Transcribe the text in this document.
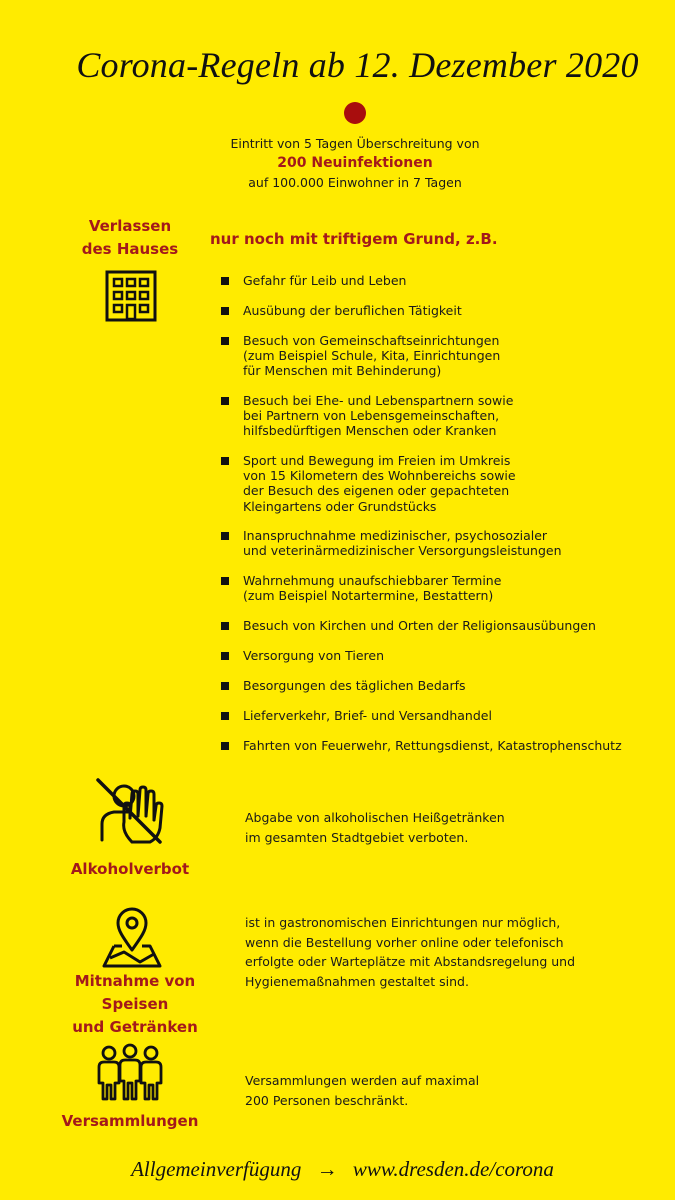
Corona-Regeln ab 12. Dezember 2020
Eintritt von 5 Tagen Überschreitung von
200 Neuinfektionen
auf 100.000 Einwohner in 7 Tagen
Verlassen
des Hauses
nur noch mit triftigem Grund, z.B.
Gefahr für Leib und Leben
Ausübung der beruflichen Tätigkeit
Besuch von Gemeinschaftseinrichtungen
(zum Beispiel Schule, Kita, Einrichtungen
für Menschen mit Behinderung)
Besuch bei Ehe- und Lebenspartnern sowie
bei Partnern von Lebensgemeinschaften,
hilfsbedürftigen Menschen oder Kranken
Sport und Bewegung im Freien im Umkreis
von 15 Kilometern des Wohnbereichs sowie
der Besuch des eigenen oder gepachteten
Kleingartens oder Grundstücks
Inanspruchnahme medizinischer, psychosozialer
und veterinärmedizinischer Versorgungsleistungen
Wahrnehmung unaufschiebbarer Termine
(zum Beispiel Notartermine, Bestattern)
Besuch von Kirchen und Orten der Religionsausübungen
Versorgung von Tieren
Besorgungen des täglichen Bedarfs
Lieferverkehr, Brief- und Versandhandel
Fahrten von Feuerwehr, Rettungsdienst, Katastrophenschutz
Alkoholverbot
Abgabe von alkoholischen Heißgetränken
im gesamten Stadtgebiet verboten.
Mitnahme von Speisen
und Getränken
ist in gastronomischen Einrichtungen nur möglich,
wenn die Bestellung vorher online oder telefonisch
erfolgte oder Warteplätze mit Abstandsregelung und
Hygienemaßnahmen gestaltet sind.
Versammlungen
Versammlungen werden auf maximal
200 Personen beschränkt.
Allgemeinverfügung → www.dresden.de/corona
